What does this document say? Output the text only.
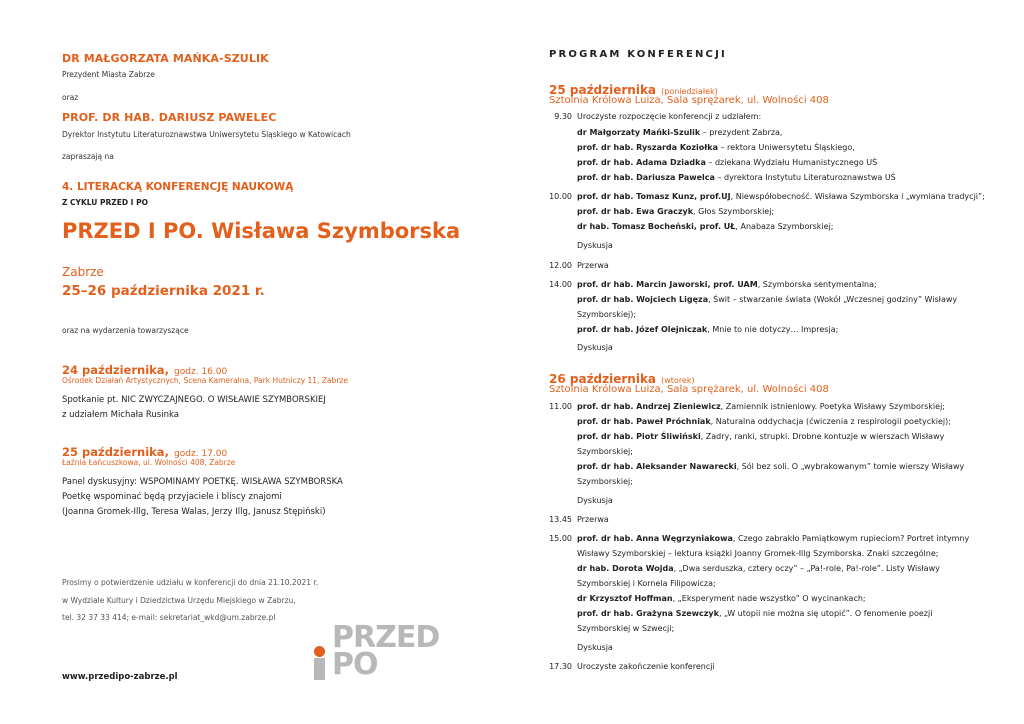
DR MAŁGORZATA MAŃKA-SZULIK
Prezydent Miasta Zabrze
oraz
PROF. DR HAB. DARIUSZ PAWELEC
Dyrektor Instytutu Literaturoznawstwa Uniwersytetu Śląskiego w Katowicach
zapraszają na
4. LITERACKĄ KONFERENCJĘ NAUKOWĄ
Z CYKLU PRZED I PO
PRZED I PO. Wisława Szymborska
Zabrze
25–26 października 2021 r.
oraz na wydarzenia towarzyszące
24 października, godz. 16.00
Ośrodek Działań Artystycznych, Scena Kameralna, Park Hutniczy 11, Zabrze
Spotkanie pt. NIC ZWYCZAJNEGO. O WISŁAWIE SZYMBORSKIEJ
z udziałem Michała Rusinka
25 października, godz. 17.00
Łaźnia Łańcuszkowa, ul. Wolności 408, Zabrze
Panel dyskusyjny: WSPOMINAMY POETKĘ. WISŁAWA SZYMBORSKA
Poetkę wspominać będą przyjaciele i bliscy znajomi
(Joanna Gromek-Illg, Teresa Walas, Jerzy Illg, Janusz Stępiński)
Prosimy o potwierdzenie udziału w konferencji do dnia 21.10.2021 r.
w Wydziale Kultury i Dziedzictwa Urzędu Miejskiego w Zabrzu,
tel. 32 37 33 414; e-mail: sekretariat_wkd@um.zabrze.pl
www.przedipo-zabrze.pl
PRZED
PO
PROGRAM KONFERENCJI
25 października (poniedziałek)
Sztolnia Królowa Luiza, Sala sprężarek, ul. Wolności 408
9.30 Uroczyste rozpoczęcie konferencji z udziałem:
dr Małgorzaty Mańki-Szulik – prezydent Zabrza,
prof. dr hab. Ryszarda Koziołka – rektora Uniwersytetu Śląskiego,
prof. dr hab. Adama Dziadka – dziekana Wydziału Humanistycznego UŚ
prof. dr hab. Dariusza Pawelca – dyrektora Instytutu Literaturoznawstwa UŚ
10.00 prof. dr hab. Tomasz Kunz, prof.UJ, Niewspółobecność. Wisława Szymborska i „wymiana tradycji”;
prof. dr hab. Ewa Graczyk, Głos Szymborskiej;
dr hab. Tomasz Bocheński, prof. UŁ, Anabaza Szymborskiej;
Dyskusja
12.00 Przerwa
14.00 prof. dr hab. Marcin Jaworski, prof. UAM, Szymborska sentymentalna;
prof. dr hab. Wojciech Ligęza, Świt – stwarzanie świata (Wokół „Wczesnej godziny” Wisławy
Szymborskiej);
prof. dr hab. Józef Olejniczak, Mnie to nie dotyczy… Impresja;
Dyskusja
26 października (wtorek)
Sztolnia Królowa Luiza, Sala sprężarek, ul. Wolności 408
11.00 prof. dr hab. Andrzej Zieniewicz, Zamiennik istnieniowy. Poetyka Wisławy Szymborskiej;
prof. dr hab. Paweł Próchniak, Naturalna oddychacja (ćwiczenia z respirologii poetyckiej);
prof. dr hab. Piotr Śliwiński, Zadry, ranki, strupki. Drobne kontuzje w wierszach Wisławy
Szymborskiej;
prof. dr hab. Aleksander Nawarecki, Sól bez soli. O „wybrakowanym” tomie wierszy Wisławy
Szymborskiej;
Dyskusja
13.45 Przerwa
15.00 prof. dr hab. Anna Węgrzyniakowa, Czego zabrakło Pamiątkowym rupieciom? Portret intymny
Wisławy Szymborskiej – lektura książki Joanny Gromek-Illg Szymborska. Znaki szczególne;
dr hab. Dorota Wojda, „Dwa serduszka, cztery oczy” – „Pa!-role, Pa!-role”. Listy Wisławy
Szymborskiej i Kornela Filipowicza;
dr Krzysztof Hoffman, „Eksperyment nade wszystko” O wycinankach;
prof. dr hab. Grażyna Szewczyk, „W utopii nie można się utopić”. O fenomenie poezji
Szymborskiej w Szwecji;
Dyskusja
17.30 Uroczyste zakończenie konferencji
